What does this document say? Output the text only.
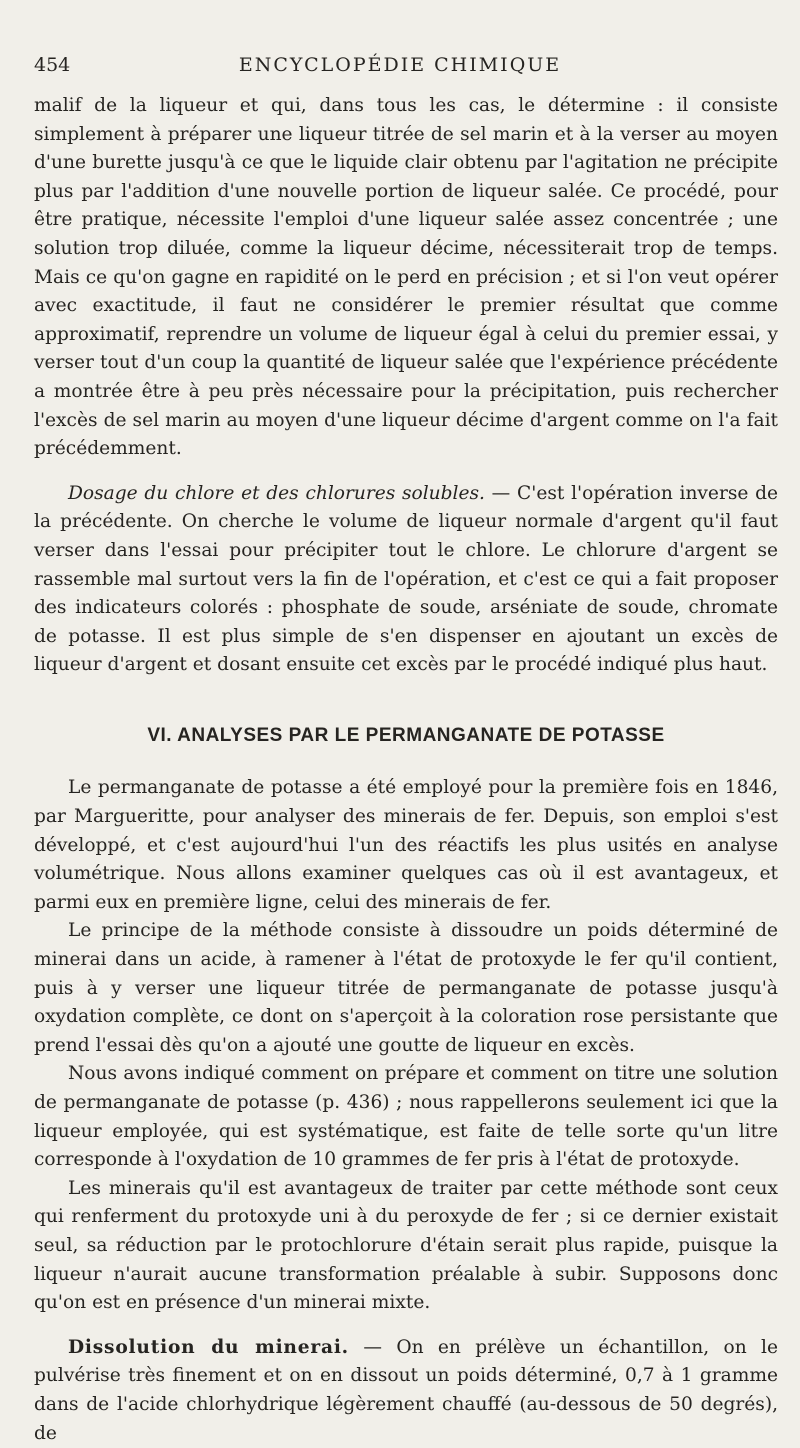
454	ENCYCLOPÉDIE CHIMIQUE

malif de la liqueur et qui, dans tous les cas, le détermine : il consiste simplement à préparer une liqueur titrée de sel marin et à la verser au moyen d'une burette jusqu'à ce que le liquide clair obtenu par l'agitation ne précipite plus par l'addition d'une nouvelle portion de liqueur salée. Ce procédé, pour être pratique, nécessite l'emploi d'une liqueur salée assez concentrée ; une solution trop diluée, comme la liqueur décime, nécessiterait trop de temps. Mais ce qu'on gagne en rapidité on le perd en précision ; et si l'on veut opérer avec exactitude, il faut ne considérer le premier résultat que comme approximatif, reprendre un volume de liqueur égal à celui du premier essai, y verser tout d'un coup la quantité de liqueur salée que l'expérience précédente a montrée être à peu près nécessaire pour la précipitation, puis rechercher l'excès de sel marin au moyen d'une liqueur décime d'argent comme on l'a fait précédemment.

Dosage du chlore et des chlorures solubles. — C'est l'opération inverse de la précédente. On cherche le volume de liqueur normale d'argent qu'il faut verser dans l'essai pour précipiter tout le chlore. Le chlorure d'argent se rassemble mal surtout vers la fin de l'opération, et c'est ce qui a fait proposer des indicateurs colorés : phosphate de soude, arséniate de soude, chromate de potasse. Il est plus simple de s'en dispenser en ajoutant un excès de liqueur d'argent et dosant ensuite cet excès par le procédé indiqué plus haut.

VI. ANALYSES PAR LE PERMANGANATE DE POTASSE

Le permanganate de potasse a été employé pour la première fois en 1846, par Margueritte, pour analyser des minerais de fer. Depuis, son emploi s'est développé, et c'est aujourd'hui l'un des réactifs les plus usités en analyse volumétrique. Nous allons examiner quelques cas où il est avantageux, et parmi eux en première ligne, celui des minerais de fer.

Le principe de la méthode consiste à dissoudre un poids déterminé de minerai dans un acide, à ramener à l'état de protoxyde le fer qu'il contient, puis à y verser une liqueur titrée de permanganate de potasse jusqu'à oxydation complète, ce dont on s'aperçoit à la coloration rose persistante que prend l'essai dès qu'on a ajouté une goutte de liqueur en excès.

Nous avons indiqué comment on prépare et comment on titre une solution de permanganate de potasse (p. 436) ; nous rappellerons seulement ici que la liqueur employée, qui est systématique, est faite de telle sorte qu'un litre corresponde à l'oxydation de 10 grammes de fer pris à l'état de protoxyde.

Les minerais qu'il est avantageux de traiter par cette méthode sont ceux qui renferment du protoxyde uni à du peroxyde de fer ; si ce dernier existait seul, sa réduction par le protochlorure d'étain serait plus rapide, puisque la liqueur n'aurait aucune transformation préalable à subir. Supposons donc qu'on est en présence d'un minerai mixte.

Dissolution du minerai. — On en prélève un échantillon, on le pulvérise très finement et on en dissout un poids déterminé, 0,7 à 1 gramme dans de l'acide chlorhydrique légèrement chauffé (au-dessous de 50 degrés), de
